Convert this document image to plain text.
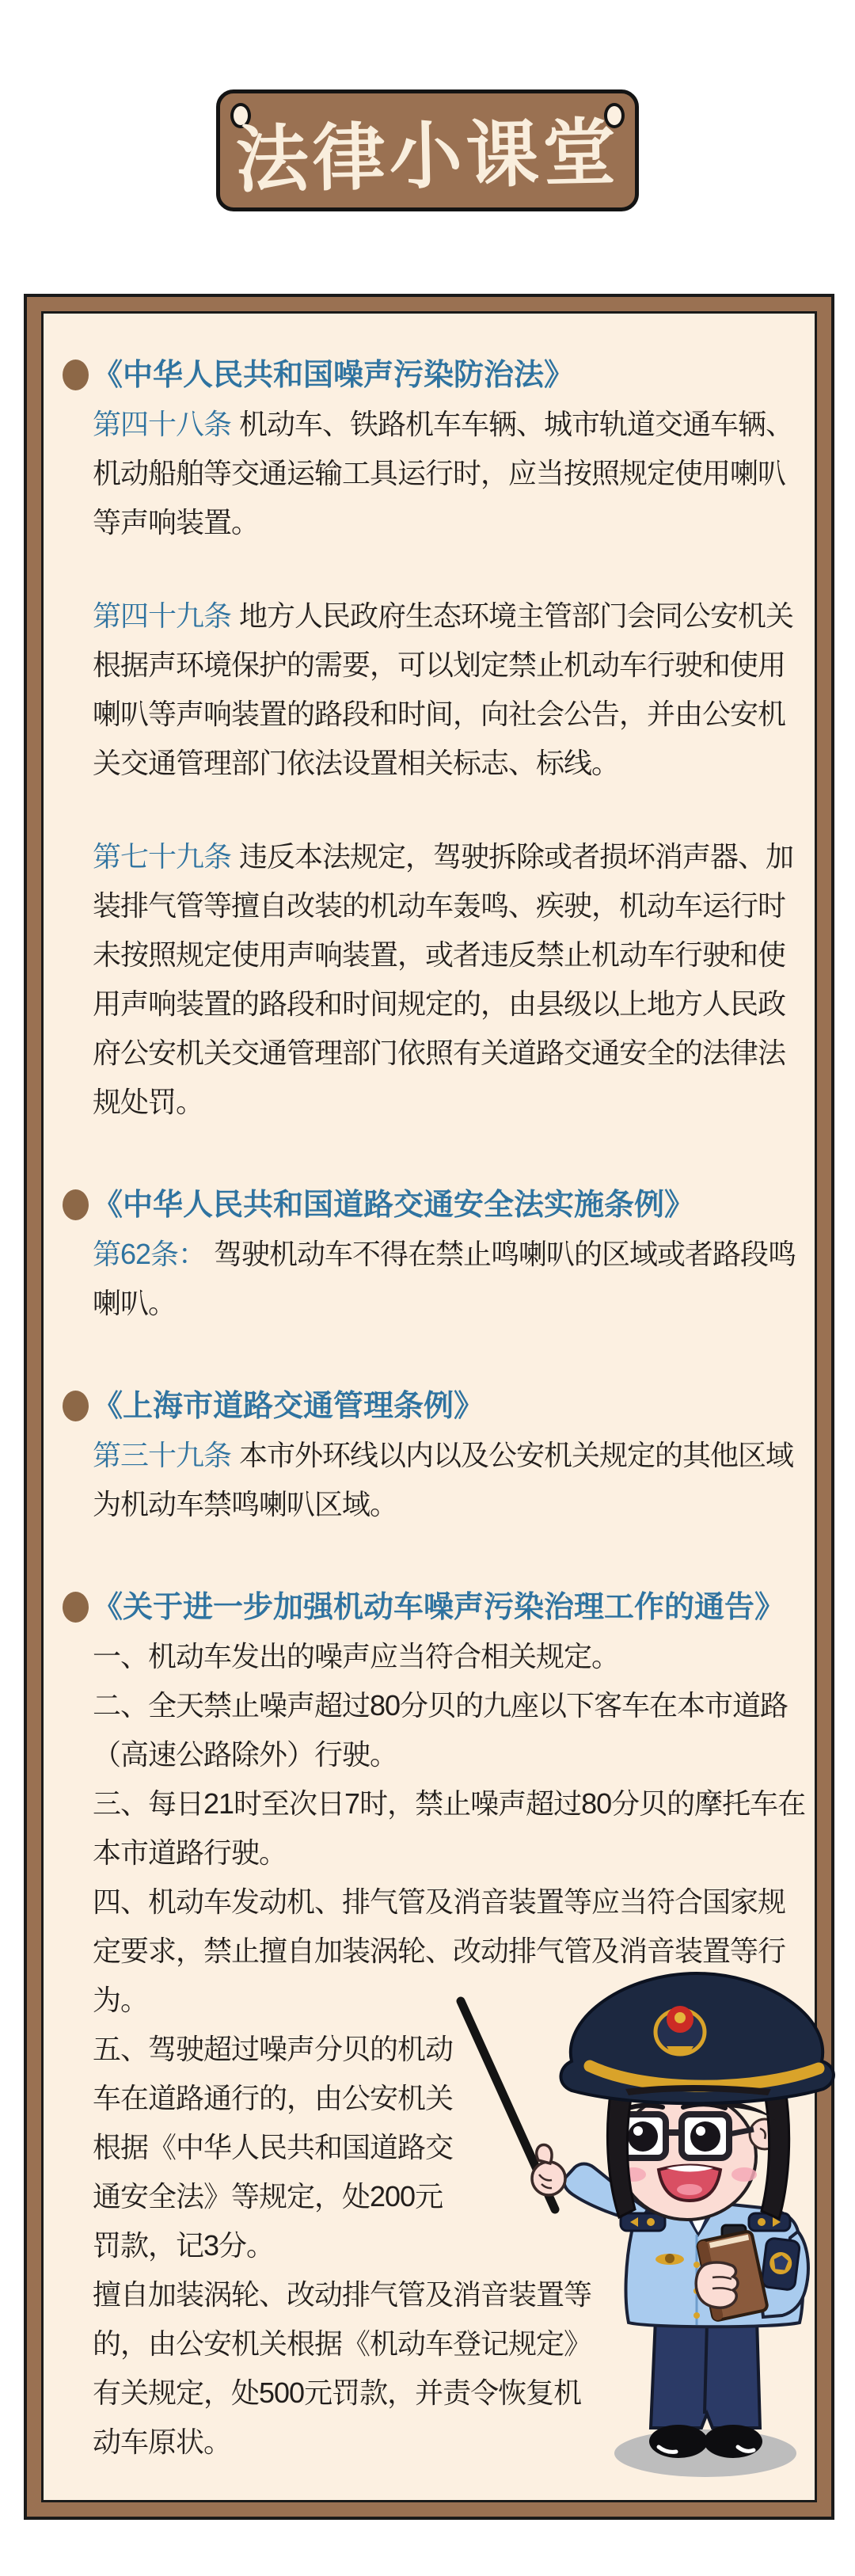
法律小课堂
《中华人民共和国噪声污染防治法》

第四十八条 机动车、铁路机车车辆、城市轨道交通车辆、机动船舶等交通运输工具运行时，应当按照规定使用喇叭等声响装置。

第四十九条 地方人民政府生态环境主管部门会同公安机关根据声环境保护的需要，可以划定禁止机动车行驶和使用喇叭等声响装置的路段和时间，向社会公告，并由公安机关交通管理部门依法设置相关标志、标线。

第七十九条 违反本法规定，驾驶拆除或者损坏消声器、加装排气管等擅自改装的机动车轰鸣、疾驶，机动车运行时未按照规定使用声响装置，或者违反禁止机动车行驶和使用声响装置的路段和时间规定的，由县级以上地方人民政府公安机关交通管理部门依照有关道路交通安全的法律法规处罚。

《中华人民共和国道路交通安全法实施条例》

第62条： 驾驶机动车不得在禁止鸣喇叭的区域或者路段鸣喇叭。

《上海市道路交通管理条例》

第三十九条 本市外环线以内以及公安机关规定的其他区域为机动车禁鸣喇叭区域。

《关于进一步加强机动车噪声污染治理工作的通告》

一、机动车发出的噪声应当符合相关规定。

二、全天禁止噪声超过80分贝的九座以下客车在本市道路（高速公路除外）行驶。

三、每日21时至次日7时，禁止噪声超过80分贝的摩托车在本市道路行驶。

四、机动车发动机、排气管及消音装置等应当符合国家规定要求，禁止擅自加装涡轮、改动排气管及消音装置等行为。

五、驾驶超过噪声分贝的机动车在道路通行的，由公安机关根据《中华人民共和国道路交通安全法》等规定，处200元罚款，记3分。

擅自加装涡轮、改动排气管及消音装置等的，由公安机关根据《机动车登记规定》有关规定，处500元罚款，并责令恢复机动车原状。
